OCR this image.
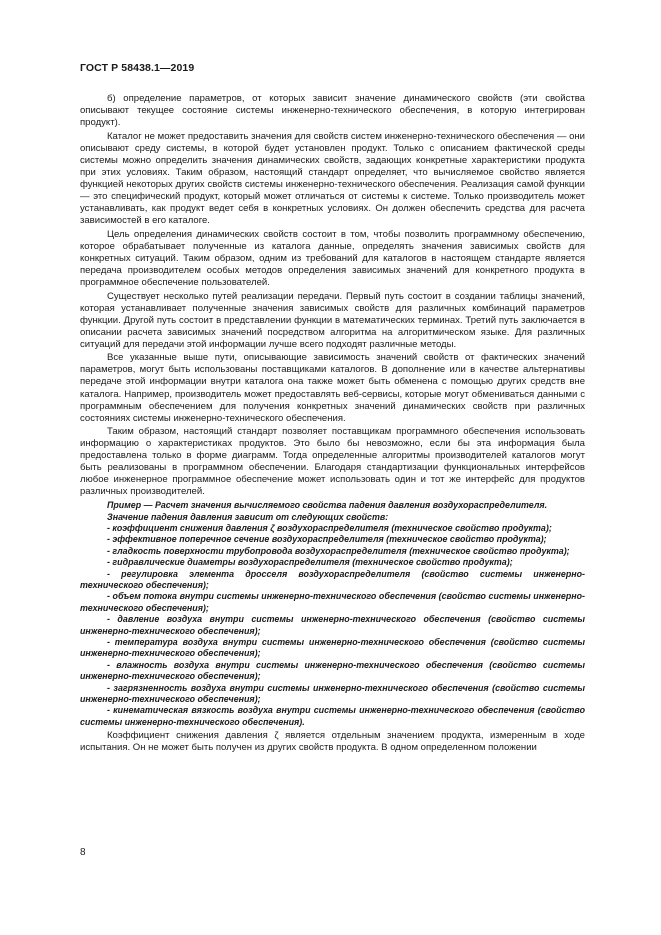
ГОСТ Р 58438.1—2019

б) определение параметров, от которых зависит значение динамического свойств (эти свойства описывают текущее состояние системы инженерно-технического обеспечения, в которую интегрирован продукт).

Каталог не может предоставить значения для свойств систем инженерно-технического обеспечения — они описывают среду системы, в которой будет установлен продукт. Только с описанием фактической среды системы можно определить значения динамических свойств, задающих конкретные характеристики продукта при этих условиях. Таким образом, настоящий стандарт определяет, что вычисляемое свойство является функцией некоторых других свойств системы инженерно-технического обеспечения. Реализация самой функции — это специфический продукт, который может отличаться от системы к системе. Только производитель может устанавливать, как продукт ведет себя в конкретных условиях. Он должен обеспечить средства для расчета зависимостей в его каталоге.

Цель определения динамических свойств состоит в том, чтобы позволить программному обеспечению, которое обрабатывает полученные из каталога данные, определять значения зависимых свойств для конкретных ситуаций. Таким образом, одним из требований для каталогов в настоящем стандарте является передача производителем особых методов определения зависимых значений для конкретного продукта в программное обеспечение пользователей.

Существует несколько путей реализации передачи. Первый путь состоит в создании таблицы значений, которая устанавливает полученные значения зависимых свойств для различных комбинаций параметров функции. Другой путь состоит в представлении функции в математических терминах. Третий путь заключается в описании расчета зависимых значений посредством алгоритма на алгоритмическом языке. Для различных ситуаций для передачи этой информации лучше всего подходят различные методы.

Все указанные выше пути, описывающие зависимость значений свойств от фактических значений параметров, могут быть использованы поставщиками каталогов. В дополнение или в качестве альтернативы передаче этой информации внутри каталога она также может быть обменена с помощью других средств вне каталога. Например, производитель может предоставлять веб-сервисы, которые могут обмениваться данными с программным обеспечением для получения конкретных значений динамических свойств при различных состояниях системы инженерно-технического обеспечения.

Таким образом, настоящий стандарт позволяет поставщикам программного обеспечения использовать информацию о характеристиках продуктов. Это было бы невозможно, если бы эта информация была предоставлена только в форме диаграмм. Тогда определенные алгоритмы производителей каталогов могут быть реализованы в программном обеспечении. Благодаря стандартизации функциональных интерфейсов любое инженерное программное обеспечение может использовать один и тот же интерфейс для продуктов различных производителей.

Пример — Расчет значения вычисляемого свойства падения давления воздухораспределителя.

Значение падения давления зависит от следующих свойств:

- коэффициент снижения давления ζ воздухораспределителя (техническое свойство продукта);

- эффективное поперечное сечение воздухораспределителя (техническое свойство продукта);

- гладкость поверхности трубопровода воздухораспределителя (техническое свойство продукта);

- гидравлические диаметры воздухораспределителя (техническое свойство продукта);

- регулировка элемента дросселя воздухораспределителя (свойство системы инженерно-технического обеспечения);

- объем потока внутри системы инженерно-технического обеспечения (свойство системы инженерно-технического обеспечения);

- давление воздуха внутри системы инженерно-технического обеспечения (свойство системы инженерно-технического обеспечения);

- температура воздуха внутри системы инженерно-технического обеспечения (свойство системы инженерно-технического обеспечения);

- влажность воздуха внутри системы инженерно-технического обеспечения (свойство системы инженерно-технического обеспечения);

- загрязненность воздуха внутри системы инженерно-технического обеспечения (свойство системы инженерно-технического обеспечения);

- кинематическая вязкость воздуха внутри системы инженерно-технического обеспечения (свойство системы инженерно-технического обеспечения).

Коэффициент снижения давления ζ является отдельным значением продукта, измеренным в ходе испытания. Он не может быть получен из других свойств продукта. В одном определенном положении

8
